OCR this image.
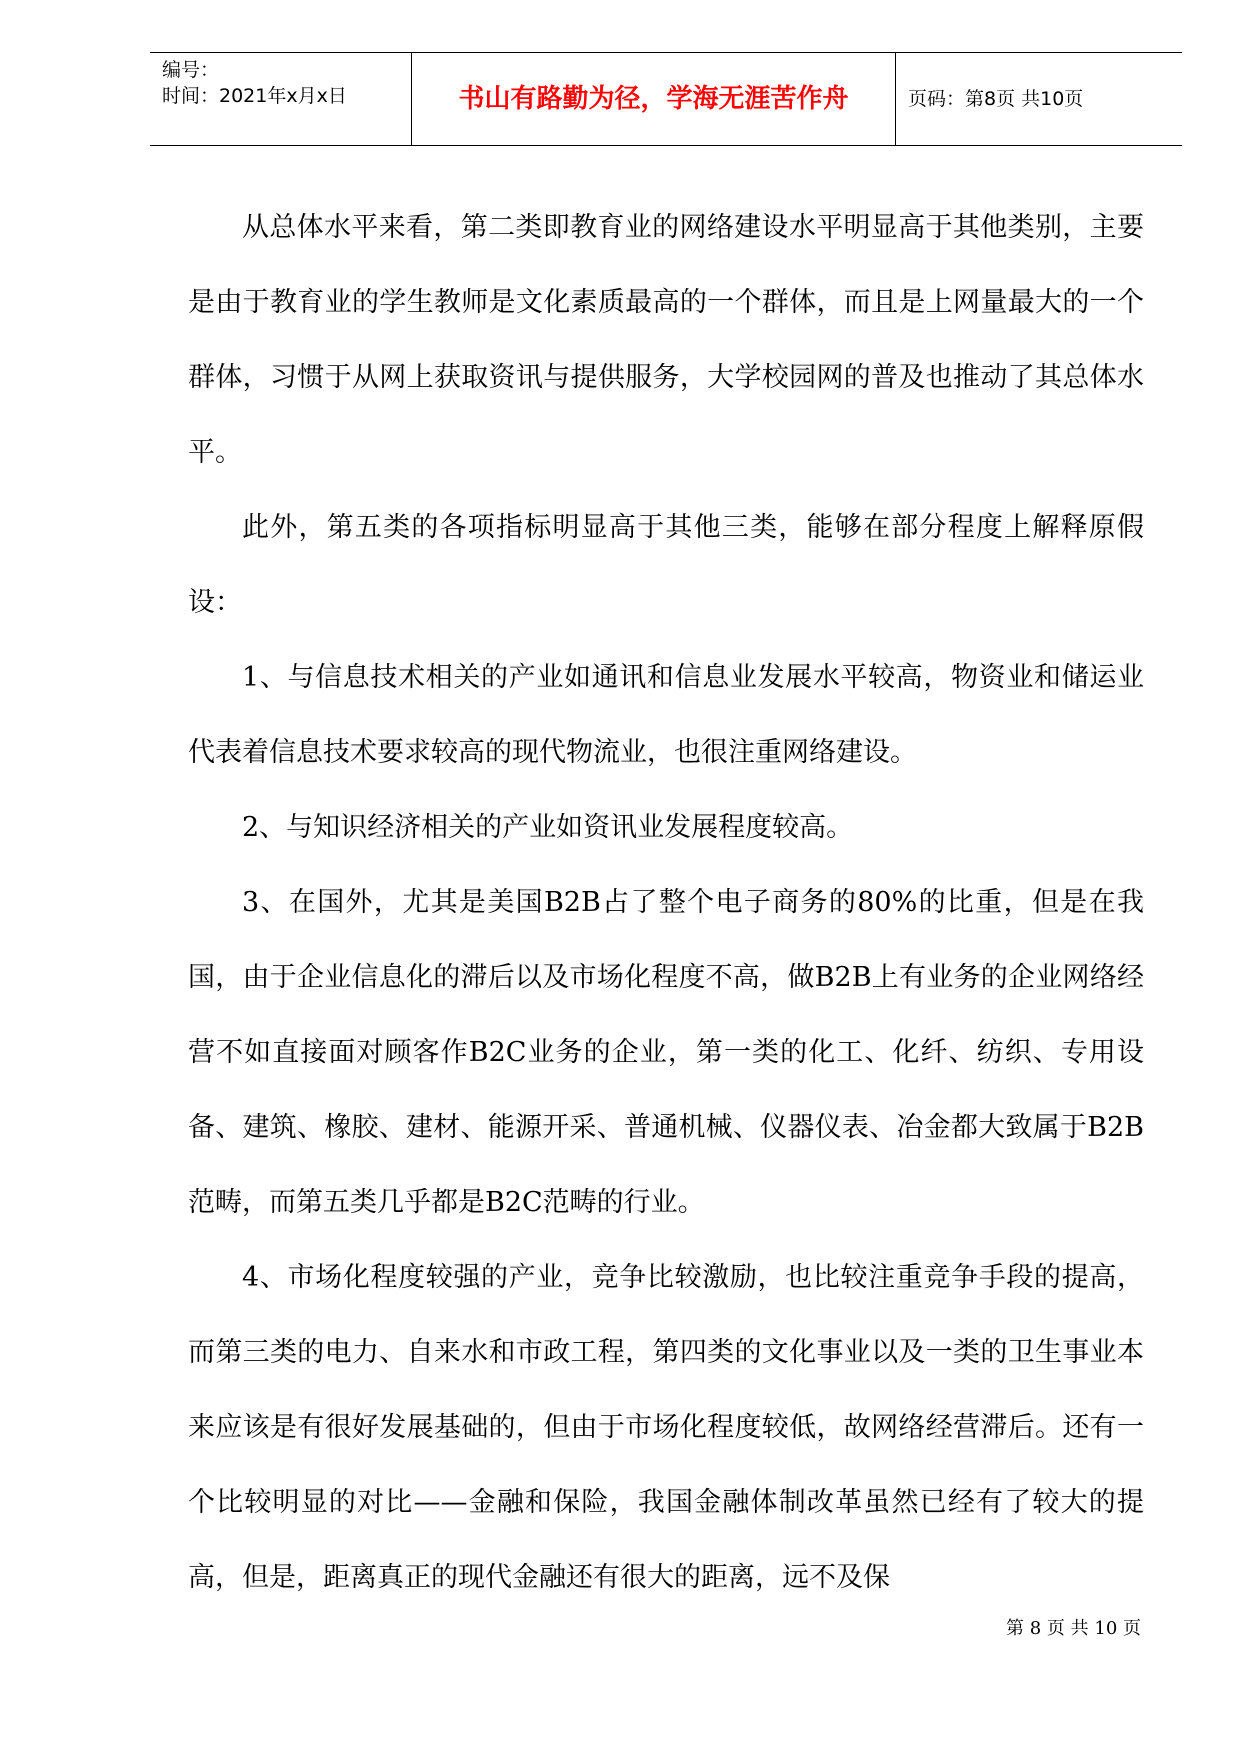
编号：
时间：2021年x月x日	书山有路勤为径，学海无涯苦作舟	页码：第8页 共10页

从总体水平来看，第二类即教育业的网络建设水平明显高于其他类别，主要是由于教育业的学生教师是文化素质最高的一个群体，而且是上网量最大的一个群体，习惯于从网上获取资讯与提供服务，大学校园网的普及也推动了其总体水平。

此外，第五类的各项指标明显高于其他三类，能够在部分程度上解释原假设：

1、与信息技术相关的产业如通讯和信息业发展水平较高，物资业和储运业代表着信息技术要求较高的现代物流业，也很注重网络建设。

2、与知识经济相关的产业如资讯业发展程度较高。

3、在国外，尤其是美国B2B占了整个电子商务的80%的比重，但是在我国，由于企业信息化的滞后以及市场化程度不高，做B2B上有业务的企业网络经营不如直接面对顾客作B2C业务的企业，第一类的化工、化纤、纺织、专用设备、建筑、橡胶、建材、能源开采、普通机械、仪器仪表、冶金都大致属于B2B范畴，而第五类几乎都是B2C范畴的行业。

4、市场化程度较强的产业，竞争比较激励，也比较注重竞争手段的提高，而第三类的电力、自来水和市政工程，第四类的文化事业以及一类的卫生事业本来应该是有很好发展基础的，但由于市场化程度较低，故网络经营滞后。还有一个比较明显的对比——金融和保险，我国金融体制改革虽然已经有了较大的提高，但是，距离真正的现代金融还有很大的距离，远不及保

第 8 页 共 10 页
